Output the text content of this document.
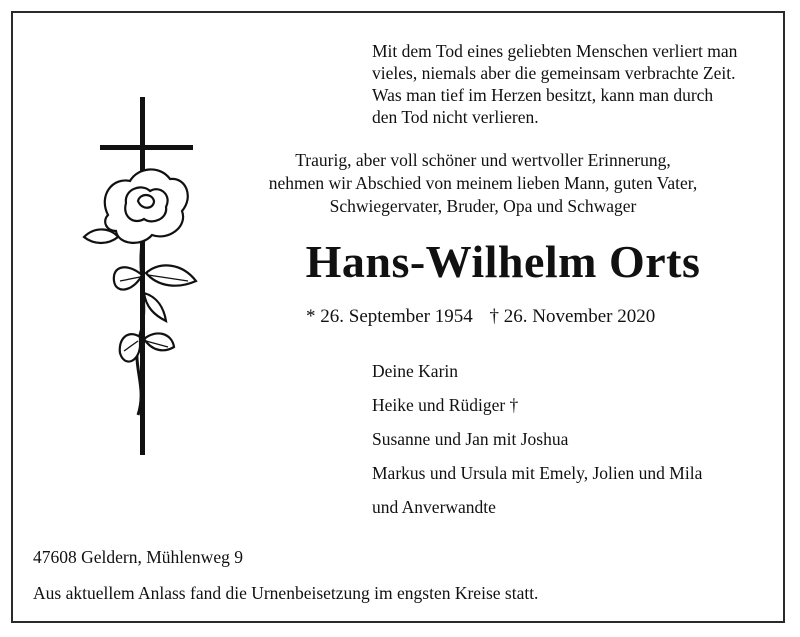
Mit dem Tod eines geliebten Menschen verliert man
vieles, niemals aber die gemeinsam verbrachte Zeit.
Was man tief im Herzen besitzt, kann man durch
den Tod nicht verlieren.
Traurig, aber voll schöner und wertvoller Erinnerung,
nehmen wir Abschied von meinem lieben Mann, guten Vater,
Schwiegervater, Bruder, Opa und Schwager
Hans-Wilhelm Orts
* 26. September 1954 † 26. November 2020
Deine Karin
Heike und Rüdiger †
Susanne und Jan mit Joshua
Markus und Ursula mit Emely, Jolien und Mila
und Anverwandte
47608 Geldern, Mühlenweg 9
Aus aktuellem Anlass fand die Urnenbeisetzung im engsten Kreise statt.
